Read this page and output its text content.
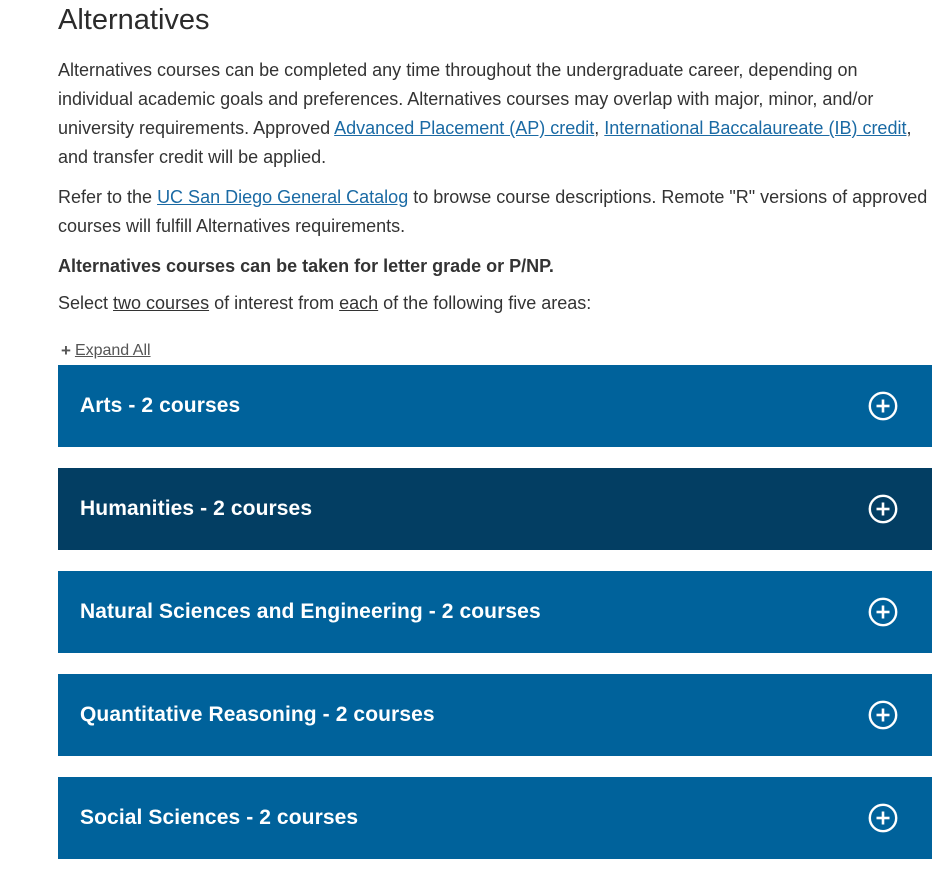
Alternatives

Alternatives courses can be completed any time throughout the undergraduate career, depending on individual academic goals and preferences. Alternatives courses may overlap with major, minor, and/or university requirements. Approved Advanced Placement (AP) credit, International Baccalaureate (IB) credit, and transfer credit will be applied.

Refer to the UC San Diego General Catalog to browse course descriptions. Remote "R" versions of approved courses will fulfill Alternatives requirements.

Alternatives courses can be taken for letter grade or P/NP.

Select two courses of interest from each of the following five areas:

+ Expand All
Arts - 2 courses
Humanities - 2 courses
Natural Sciences and Engineering - 2 courses
Quantitative Reasoning - 2 courses
Social Sciences - 2 courses
